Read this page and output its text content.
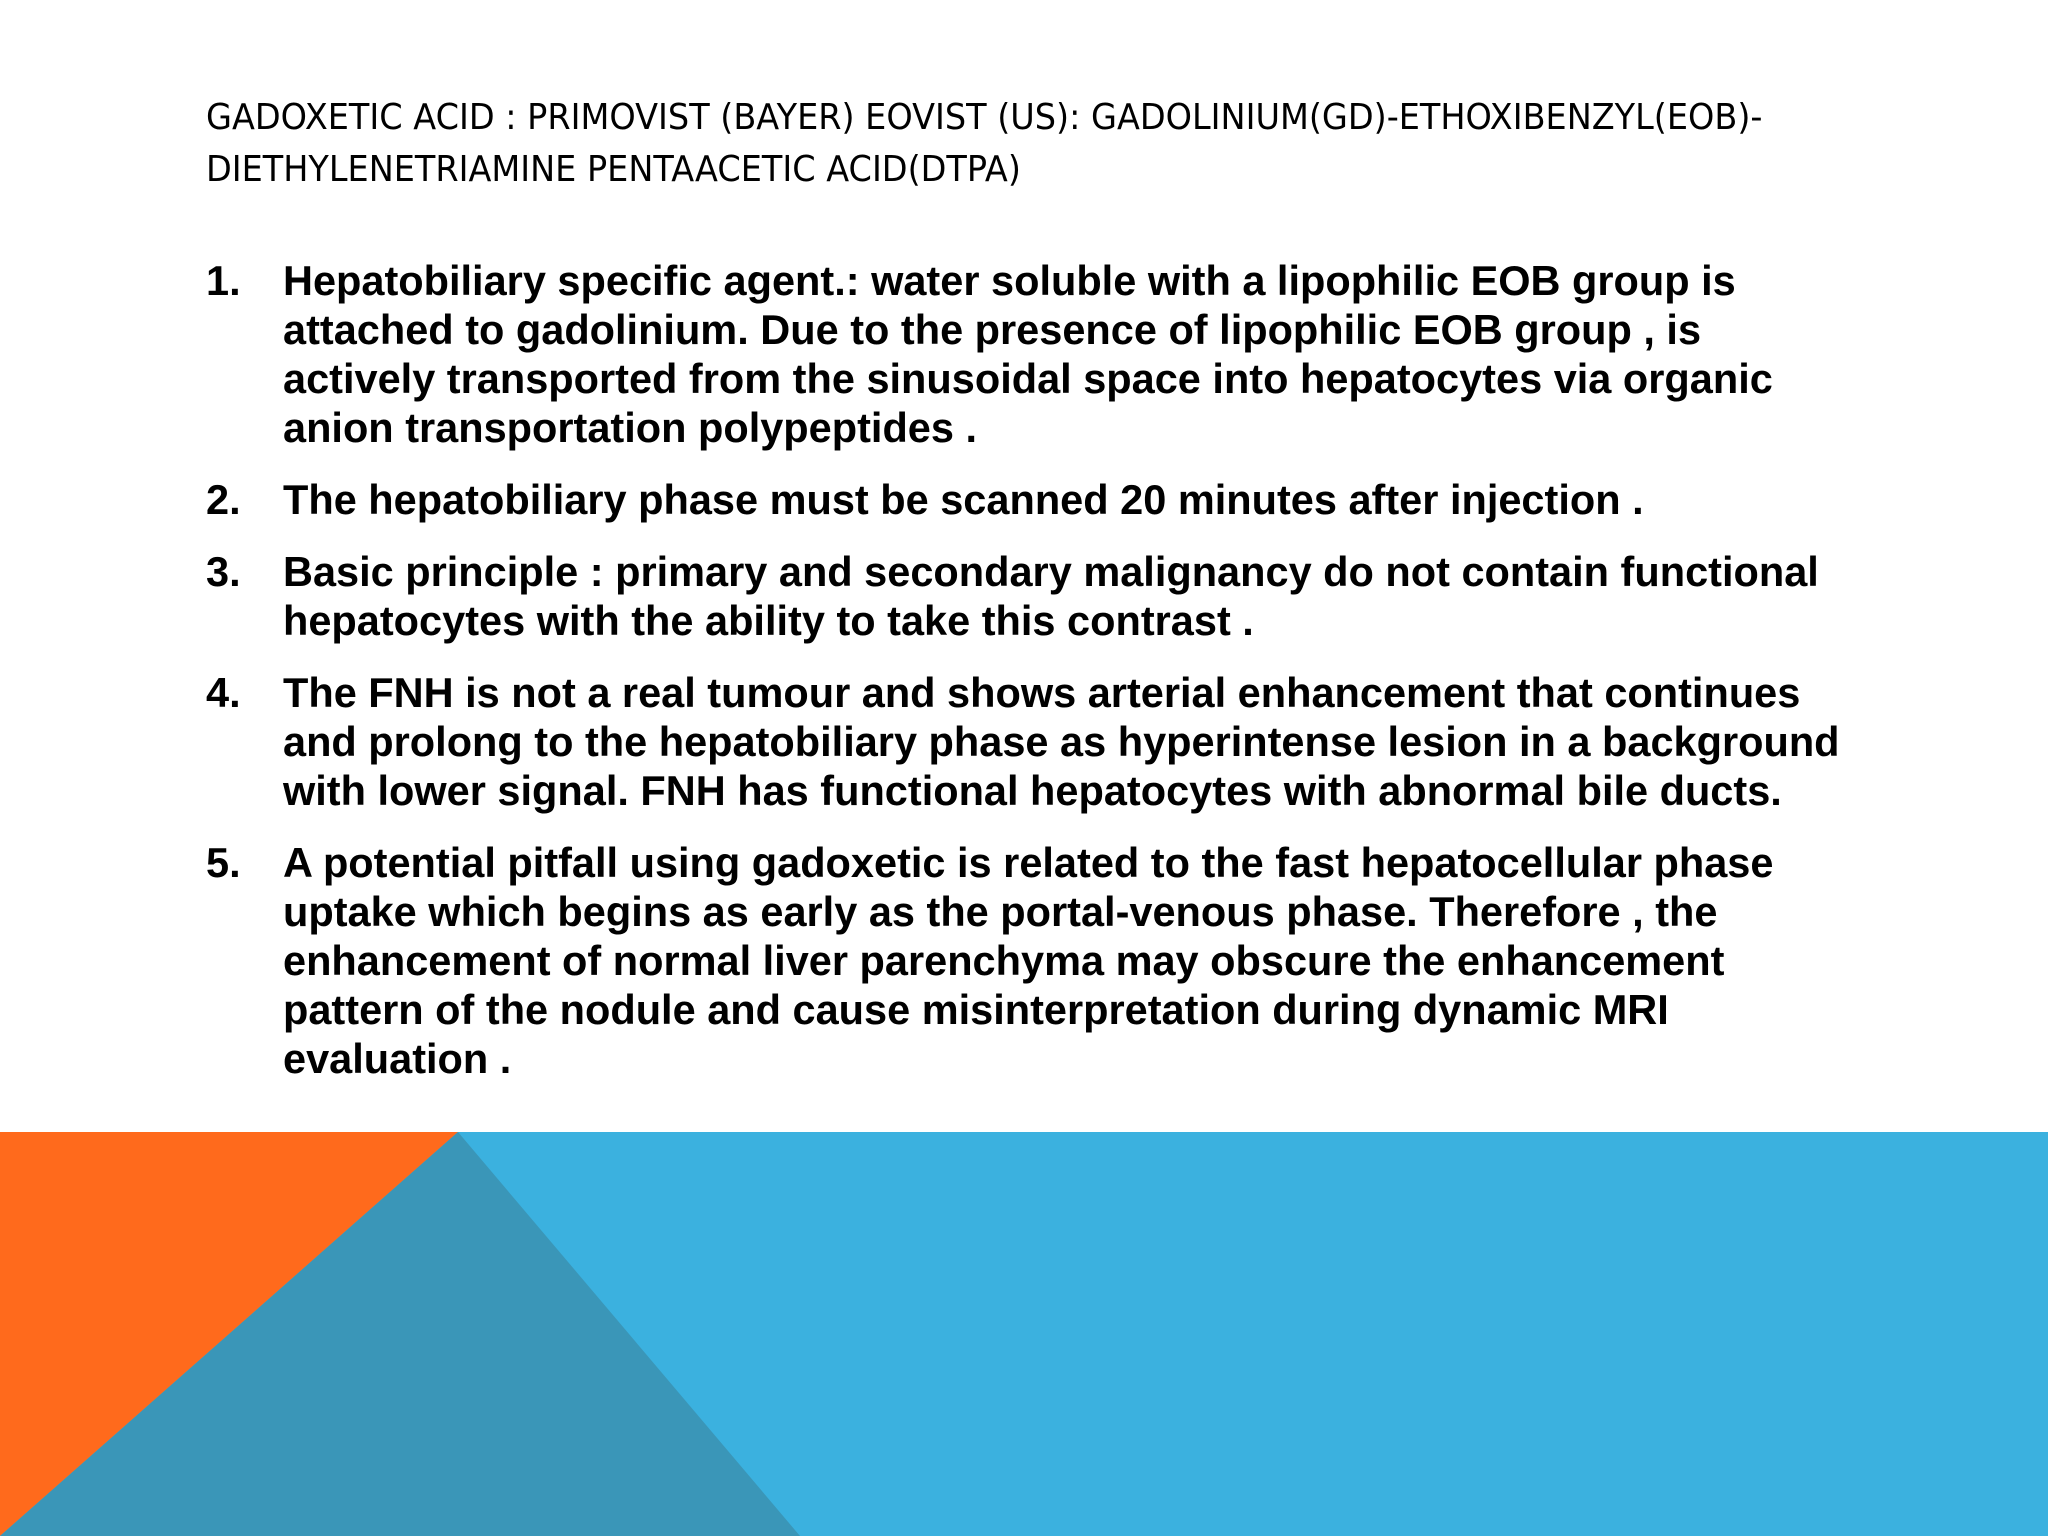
GADOXETIC ACID : PRIMOVIST (BAYER) EOVIST (US): GADOLINIUM(GD)-ETHOXIBENZYL(EOB)-DIETHYLENETRIAMINE PENTAACETIC ACID(DTPA)
1. Hepatobiliary specific agent.: water soluble with a lipophilic EOB group is attached to gadolinium. Due to the presence of lipophilic EOB group , is actively transported from the sinusoidal space into hepatocytes via organic anion transportation polypeptides .
2. The hepatobiliary phase must be scanned 20 minutes after injection .
3. Basic principle : primary and secondary malignancy do not contain functional hepatocytes with the ability to take this contrast .
4. The FNH is not a real tumour and shows arterial enhancement that continues and prolong to the hepatobiliary phase as hyperintense lesion in a background with lower signal. FNH has functional hepatocytes with abnormal bile ducts.
5. A potential pitfall using gadoxetic is related to the fast hepatocellular phase uptake which begins as early as the portal-venous phase. Therefore , the enhancement of normal liver parenchyma may obscure the enhancement pattern of the nodule and cause misinterpretation during dynamic MRI evaluation .
